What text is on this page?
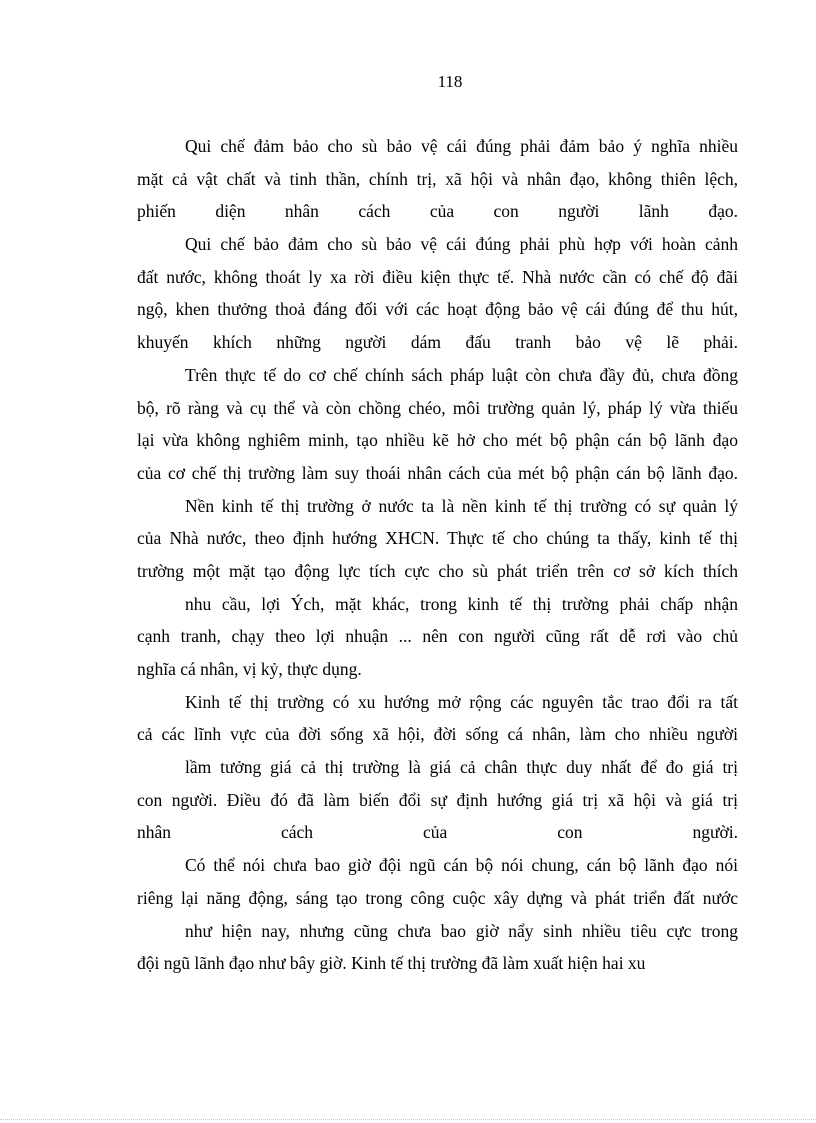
118
Qui chế đảm bảo cho sù bảo vệ cái đúng phải đảm bảo ý nghĩa nhiều
mặt cả vật chất và tinh thần, chính trị, xã hội và nhân đạo, không thiên lệch,
phiến diện nhân cách của con người lãnh đạo.
Qui chế bảo đảm cho sù bảo vệ cái đúng phải phù hợp với hoàn cảnh
đất nước, không thoát ly xa rời điều kiện thực tế. Nhà nước cần có chế độ đãi
ngộ, khen thưởng thoả đáng đối với các hoạt động bảo vệ cái đúng để thu hút,
khuyến khích những người dám đấu tranh bảo vệ lẽ phải.
Trên thực tế do cơ chế chính sách pháp luật còn chưa đầy đủ, chưa đồng
bộ, rõ ràng và cụ thể và còn chồng chéo, môi trường quản lý, pháp lý vừa thiếu
lại vừa không nghiêm minh, tạo nhiều kẽ hở cho mét bộ phận cán bộ lãnh đạo
của cơ chế thị trường làm suy thoái nhân cách của mét bộ phận cán bộ lãnh đạo.
Nền kinh tế thị trường ở nước ta là nền kinh tế thị trường có sự quản lý
của Nhà nước, theo định hướng XHCN. Thực tế cho chúng ta thấy, kinh tế thị
trường một mặt tạo động lực tích cực cho sù phát triển trên cơ sở kích thích
nhu cầu, lợi Ých, mặt khác, trong kinh tế thị trường phải chấp nhận
cạnh tranh, chạy theo lợi nhuận ... nên con người cũng rất dễ rơi vào chủ
nghĩa cá nhân, vị kỷ, thực dụng.
Kinh tế thị trường có xu hướng mở rộng các nguyên tắc trao đổi ra tất
cả các lĩnh vực của đời sống xã hội, đời sống cá nhân, làm cho nhiều người
lầm tưởng giá cả thị trường là giá cả chân thực duy nhất để đo giá trị
con người. Điều đó đã làm biến đổi sự định hướng giá trị xã hội và giá trị
nhân cách của con người.
Có thể nói chưa bao giờ đội ngũ cán bộ nói chung, cán bộ lãnh đạo nói
riêng lại năng động, sáng tạo trong công cuộc xây dựng và phát triển đất nước
như hiện nay, nhưng cũng chưa bao giờ nẩy sinh nhiều tiêu cực trong
đội ngũ lãnh đạo như bây giờ. Kinh tế thị trường đã làm xuất hiện hai xu
